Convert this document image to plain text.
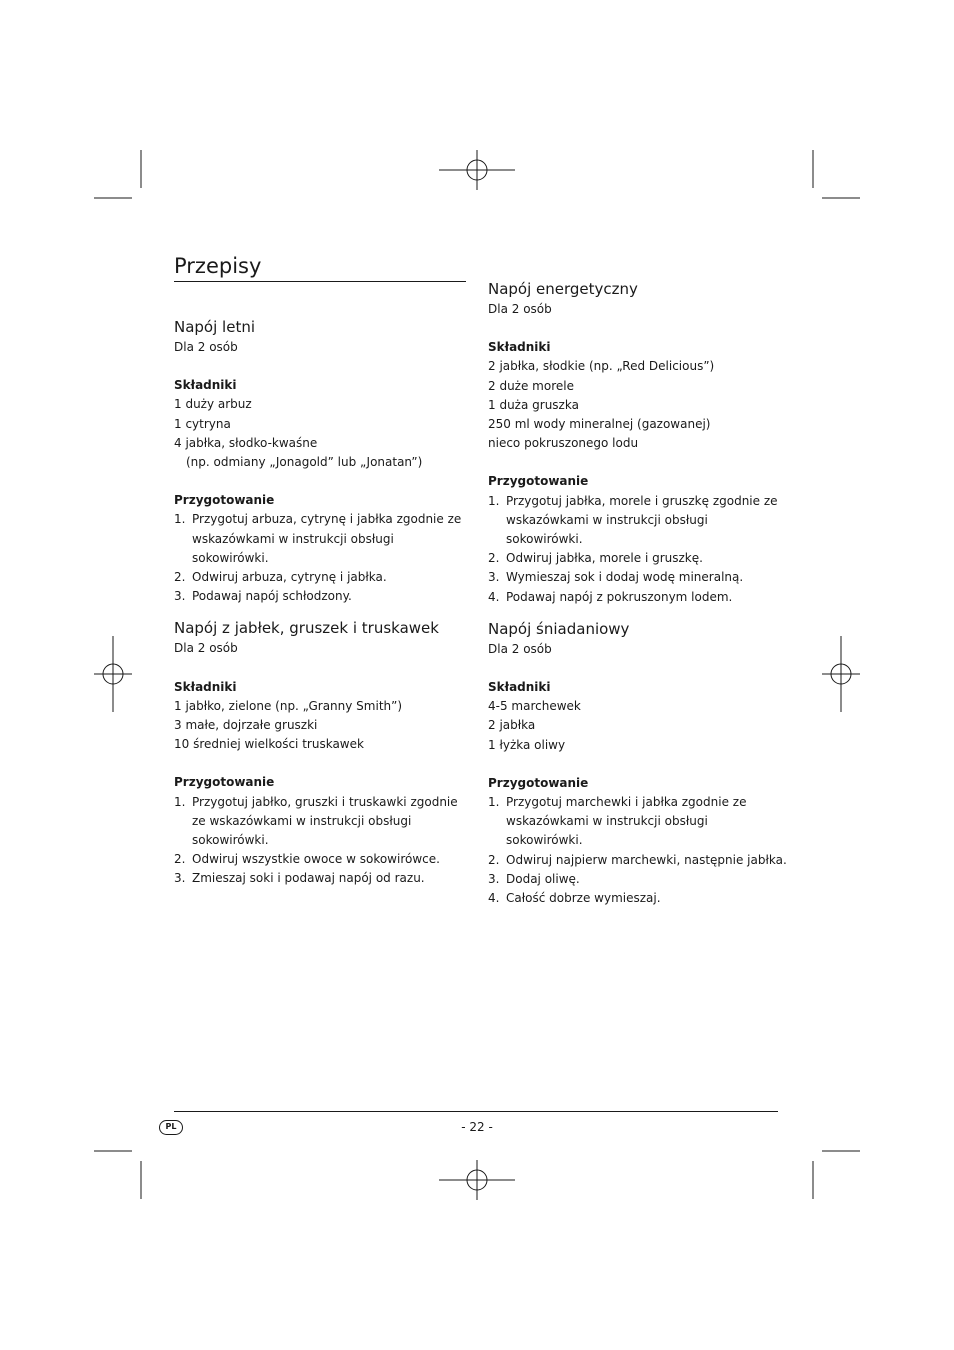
Przepisy
Napój letni

Dla 2 osób

Składniki
1 duży arbuz
1 cytryna
4 jabłka, słodko-kwaśne
(np. odmiany „Jonagold” lub „Jonatan”)
Przygotowanie
1. Przygotuj arbuza, cytrynę i jabłka zgodnie ze wskazówkami w instrukcji obsługi sokowirówki.
2. Odwiruj arbuza, cytrynę i jabłka.
3. Podawaj napój schłodzony.
Napój z jabłek, gruszek i truskawek

Dla 2 osób

Składniki
1 jabłko, zielone (np. „Granny Smith”)
3 małe, dojrzałe gruszki
10 średniej wielkości truskawek
Przygotowanie
1. Przygotuj jabłko, gruszki i truskawki zgodnie ze wskazówkami w instrukcji obsługi sokowirówki.
2. Odwiruj wszystkie owoce w sokowirówce.
3. Zmieszaj soki i podawaj napój od razu.
Napój energetyczny

Dla 2 osób

Składniki
2 jabłka, słodkie (np. „Red Delicious”)
2 duże morele
1 duża gruszka
250 ml wody mineralnej (gazowanej)
nieco pokruszonego lodu
Przygotowanie
1. Przygotuj jabłka, morele i gruszkę zgodnie ze wskazówkami w instrukcji obsługi sokowirówki.
2. Odwiruj jabłka, morele i gruszkę.
3. Wymieszaj sok i dodaj wodę mineralną.
4. Podawaj napój z pokruszonym lodem.
Napój śniadaniowy

Dla 2 osób

Składniki
4-5 marchewek
2 jabłka
1 łyżka oliwy
Przygotowanie
1. Przygotuj marchewki i jabłka zgodnie ze wskazówkami w instrukcji obsługi sokowirówki.
2. Odwiruj najpierw marchewki, następnie jabłka.
3. Dodaj oliwę.
4. Całość dobrze wymieszaj.
PL	- 22 -
